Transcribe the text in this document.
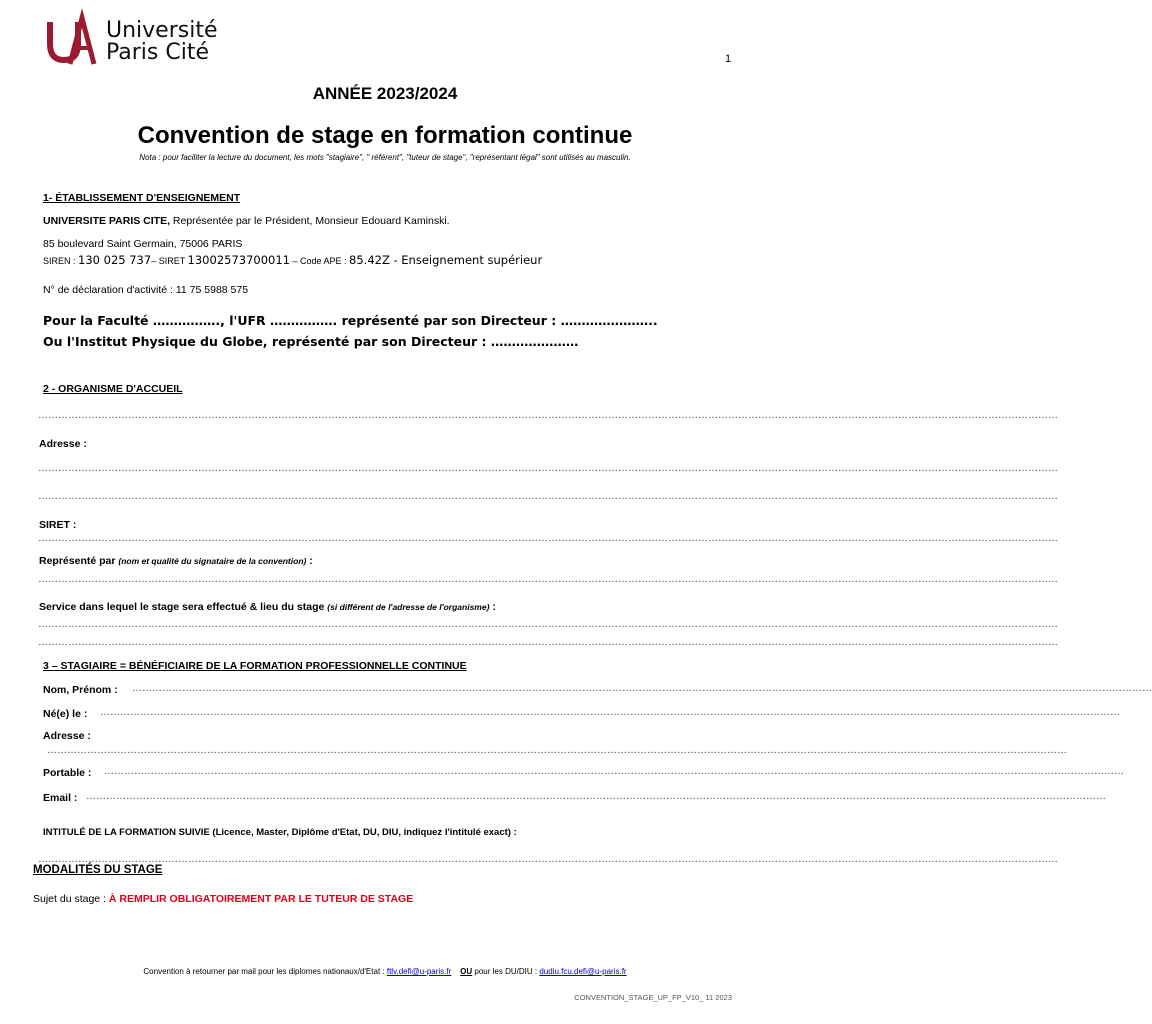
Université
Paris Cité	1
ANNÉE 2023/2024
Convention de stage en formation continue
Nota : pour faciliter la lecture du document, les mots "stagiaire", " référent", "tuteur de stage", "représentant légal" sont utilisés au masculin.
1- ÉTABLISSEMENT D'ENSEIGNEMENT
UNIVERSITE PARIS CITE, Représentée par le Président, Monsieur Edouard Kaminski.
85 boulevard Saint Germain, 75006 PARIS
SIREN : 130 025 737– SIRET 13002573700011 – Code APE : 85.42Z - Enseignement supérieur
N° de déclaration d'activité : 11 75 5988 575
Pour la Faculté ……………., l'UFR ……………. représenté par son Directeur : …………………..
Ou l'Institut Physique du Globe, représenté par son Directeur : …………………
2 - ORGANISME D'ACCUEIL
………………………………………………………………………………………………………………………………………………………………………………………………………………………………………………………………………………
Adresse :
………………………………………………………………………………………………………………………………………………………………………………………………………………………………………………………………………………
………………………………………………………………………………………………………………………………………………………………………………………………………………………………………………………………………………
SIRET :
………………………………………………………………………………………………………………………………………………………………………………………………………………………………………………………………………………
Représenté par (nom et qualité du signataire de la convention) :
………………………………………………………………………………………………………………………………………………………………………………………………………………………………………………………………………………
Service dans lequel le stage sera effectué & lieu du stage (si différent de l'adresse de l'organisme) :
………………………………………………………………………………………………………………………………………………………………………………………………………………………………………………………………………………
………………………………………………………………………………………………………………………………………………………………………………………………………………………………………………………………………………
3 – STAGIAIRE = BÉNÉFICIAIRE DE LA FORMATION PROFESSIONNELLE CONTINUE
Nom, Prénom : ………………………………………………………………………………………………………………………………………………………………………………………………………………………………………………………………………………
Né(e) le : ………………………………………………………………………………………………………………………………………………………………………………………………………………………………………………………………………………
Adresse :
………………………………………………………………………………………………………………………………………………………………………………………………………………………………………………………………………………
Portable : ………………………………………………………………………………………………………………………………………………………………………………………………………………………………………………………………………………
Email : ………………………………………………………………………………………………………………………………………………………………………………………………………………………………………………………………………………
INTITULÉ DE LA FORMATION SUIVIE (Licence, Master, Diplôme d'Etat, DU, DIU, indiquez l'intitulé exact) :
………………………………………………………………………………………………………………………………………………………………………………………………………………………………………………………………………………
MODALITÉS DU STAGE
Sujet du stage : À REMPLIR OBLIGATOIREMENT PAR LE TUTEUR DE STAGE
Convention à retourner par mail pour les diplomes nationaux/d'Etat : ftlv.defi@u-paris.fr OU pour les DU/DIU : dudiu.fcu.defi@u-paris.fr
CONVENTION_STAGE_UP_FP_V10_ 11 2023
